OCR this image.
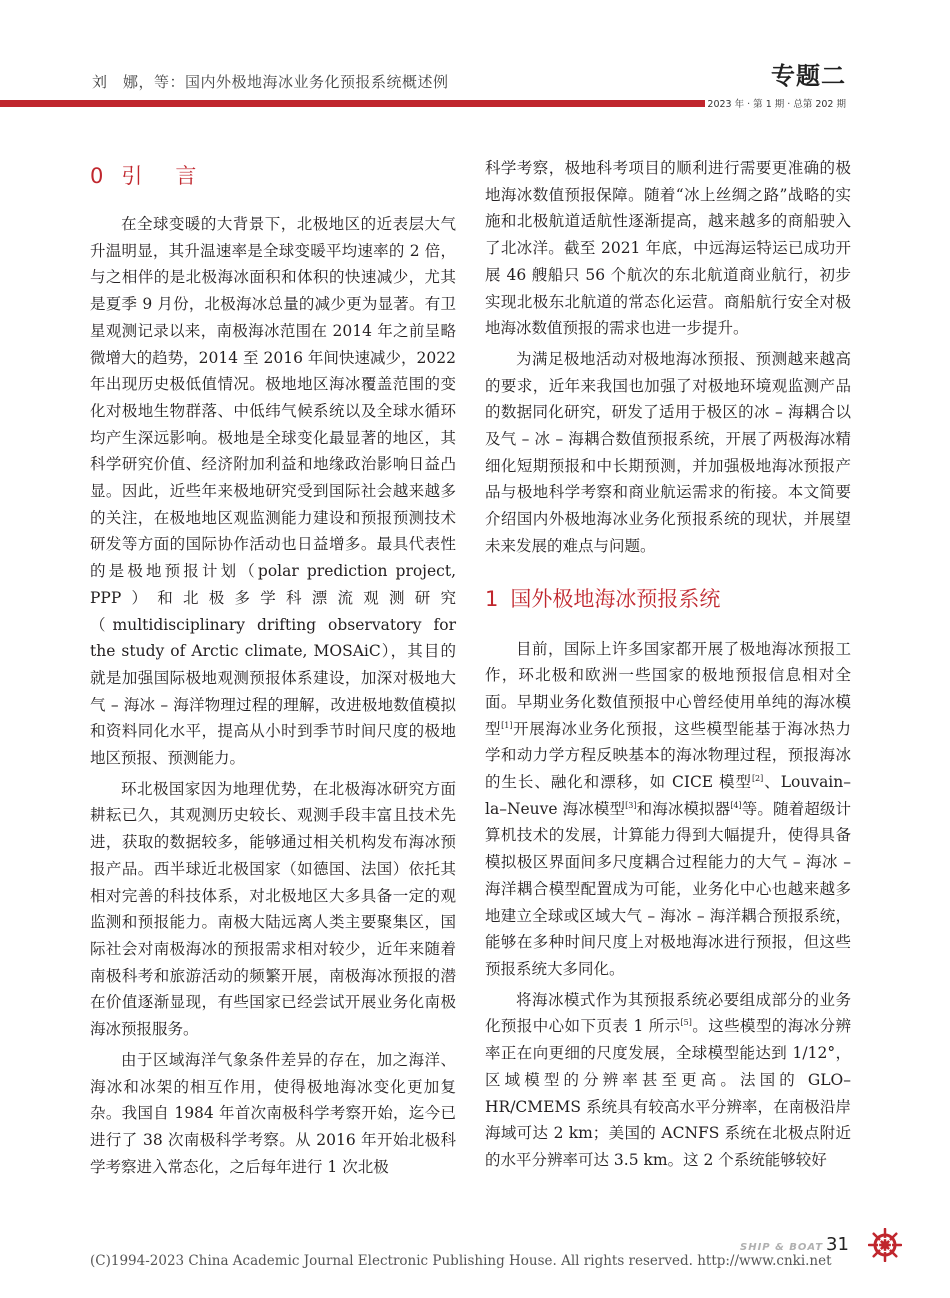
刘　娜，等：国内外极地海冰业务化预报系统概述例	专题二
2023 年 · 第 1 期 · 总第 202 期
0 引　言

在全球变暖的大背景下，北极地区的近表层大气升温明显，其升温速率是全球变暖平均速率的 2 倍，与之相伴的是北极海冰面积和体积的快速减少，尤其是夏季 9 月份，北极海冰总量的减少更为显著。有卫星观测记录以来，南极海冰范围在 2014 年之前呈略微增大的趋势，2014 至 2016 年间快速减少，2022 年出现历史极低值情况。极地地区海冰覆盖范围的变化对极地生物群落、中低纬气候系统以及全球水循环均产生深远影响。极地是全球变化最显著的地区，其科学研究价值、经济附加利益和地缘政治影响日益凸显。因此，近些年来极地研究受到国际社会越来越多的关注，在极地地区观监测能力建设和预报预测技术研发等方面的国际协作活动也日益增多。最具代表性的是极地预报计划（polar prediction project, PPP）和北极多学科漂流观测研究（multidisciplinary drifting observatory for the study of Arctic climate, MOSAiC），其目的就是加强国际极地观测预报体系建设，加深对极地大气 – 海冰 – 海洋物理过程的理解，改进极地数值模拟和资料同化水平，提高从小时到季节时间尺度的极地地区预报、预测能力。

环北极国家因为地理优势，在北极海冰研究方面耕耘已久，其观测历史较长、观测手段丰富且技术先进，获取的数据较多，能够通过相关机构发布海冰预报产品。西半球近北极国家（如德国、法国）依托其相对完善的科技体系，对北极地区大多具备一定的观监测和预报能力。南极大陆远离人类主要聚集区，国际社会对南极海冰的预报需求相对较少，近年来随着南极科考和旅游活动的频繁开展，南极海冰预报的潜在价值逐渐显现，有些国家已经尝试开展业务化南极海冰预报服务。

由于区域海洋气象条件差异的存在，加之海洋、海冰和冰架的相互作用，使得极地海冰变化更加复杂。我国自 1984 年首次南极科学考察开始，迄今已进行了 38 次南极科学考察。从 2016 年开始北极科学考察进入常态化，之后每年进行 1 次北极

科学考察，极地科考项目的顺利进行需要更准确的极地海冰数值预报保障。随着“冰上丝绸之路”战略的实施和北极航道适航性逐渐提高，越来越多的商船驶入了北冰洋。截至 2021 年底，中远海运特运已成功开展 46 艘船只 56 个航次的东北航道商业航行，初步实现北极东北航道的常态化运营。商船航行安全对极地海冰数值预报的需求也进一步提升。

为满足极地活动对极地海冰预报、预测越来越高的要求，近年来我国也加强了对极地环境观监测产品的数据同化研究，研发了适用于极区的冰 – 海耦合以及气 – 冰 – 海耦合数值预报系统，开展了两极海冰精细化短期预报和中长期预测，并加强极地海冰预报产品与极地科学考察和商业航运需求的衔接。本文简要介绍国内外极地海冰业务化预报系统的现状，并展望未来发展的难点与问题。

1 国外极地海冰预报系统

目前，国际上许多国家都开展了极地海冰预报工作，环北极和欧洲一些国家的极地预报信息相对全面。早期业务化数值预报中心曾经使用单纯的海冰模型[1]开展海冰业务化预报，这些模型能基于海冰热力学和动力学方程反映基本的海冰物理过程，预报海冰的生长、融化和漂移，如 CICE 模型[2]、Louvain–la–Neuve 海冰模型[3]和海冰模拟器[4]等。随着超级计算机技术的发展，计算能力得到大幅提升，使得具备模拟极区界面间多尺度耦合过程能力的大气 – 海冰 – 海洋耦合模型配置成为可能，业务化中心也越来越多地建立全球或区域大气 – 海冰 – 海洋耦合预报系统，能够在多种时间尺度上对极地海冰进行预报，但这些预报系统大多同化。

将海冰模式作为其预报系统必要组成部分的业务化预报中心如下页表 1 所示[5]。这些模型的海冰分辨率正在向更细的尺度发展，全球模型能达到 1/12°，区域模型的分辨率甚至更高。法国的 GLO–HR/CMEMS 系统具有较高水平分辨率，在南极沿岸海域可达 2 km；美国的 ACNFS 系统在北极点附近的水平分辨率可达 3.5 km。这 2 个系统能够较好

SHIP & BOAT 31
(C)1994-2023 China Academic Journal Electronic Publishing House. All rights reserved. http://www.cnki.net
